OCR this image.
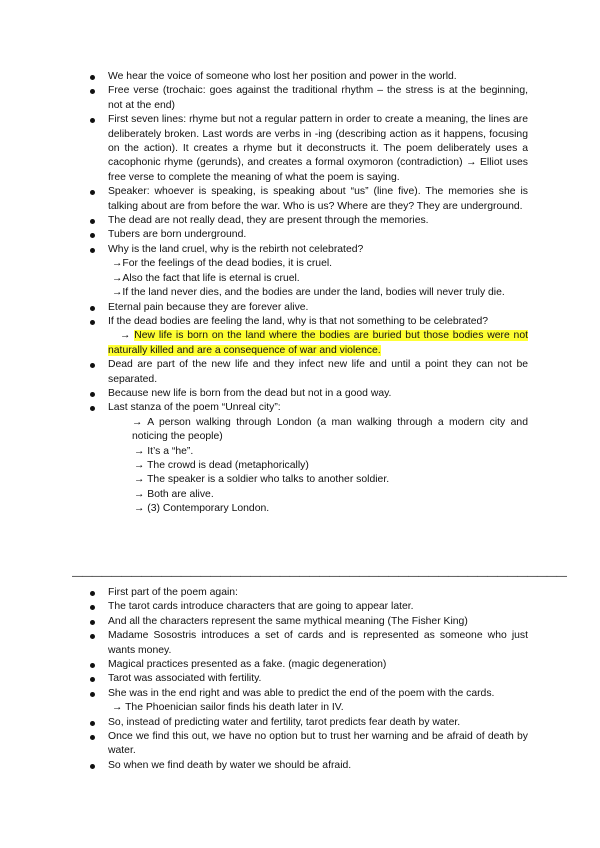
We hear the voice of someone who lost her position and power in the world.
Free verse (trochaic: goes against the traditional rhythm – the stress is at the beginning, not at the end)
First seven lines: rhyme but not a regular pattern in order to create a meaning, the lines are deliberately broken. Last words are verbs in -ing (describing action as it happens, focusing on the action). It creates a rhyme but it deconstructs it. The poem deliberately uses a cacophonic rhyme (gerunds), and creates a formal oxymoron (contradiction) → Elliot uses free verse to complete the meaning of what the poem is saying.
Speaker: whoever is speaking, is speaking about “us” (line five). The memories she is talking about are from before the war. Who is us? Where are they? They are underground.
The dead are not really dead, they are present through the memories.
Tubers are born underground.
Why is the land cruel, why is the rebirth not celebrated?
→For the feelings of the dead bodies, it is cruel.
→Also the fact that life is eternal is cruel.
→If the land never dies, and the bodies are under the land, bodies will never truly die.
Eternal pain because they are forever alive.
If the dead bodies are feeling the land, why is that not something to be celebrated?
→ New life is born on the land where the bodies are buried but those bodies were not naturally killed and are a consequence of war and violence.
Dead are part of the new life and they infect new life and until a point they can not be separated.
Because new life is born from the dead but not in a good way.
Last stanza of the poem “Unreal city”:
→ A person walking through London (a man walking through a modern city and noticing the people)
→ It’s a “he”.
→ The crowd is dead (metaphorically)
→ The speaker is a soldier who talks to another soldier.
→ Both are alive.
→ (3) Contemporary London.
——————————————————————————————————————————————————
First part of the poem again:
The tarot cards introduce characters that are going to appear later.
And all the characters represent the same mythical meaning (The Fisher King)
Madame Sosostris introduces a set of cards and is represented as someone who just wants money.
Magical practices presented as a fake. (magic degeneration)
Tarot was associated with fertility.
She was in the end right and was able to predict the end of the poem with the cards.
→ The Phoenician sailor finds his death later in IV.
So, instead of predicting water and fertility, tarot predicts fear death by water.
Once we find this out, we have no option but to trust her warning and be afraid of death by water.
So when we find death by water we should be afraid.
